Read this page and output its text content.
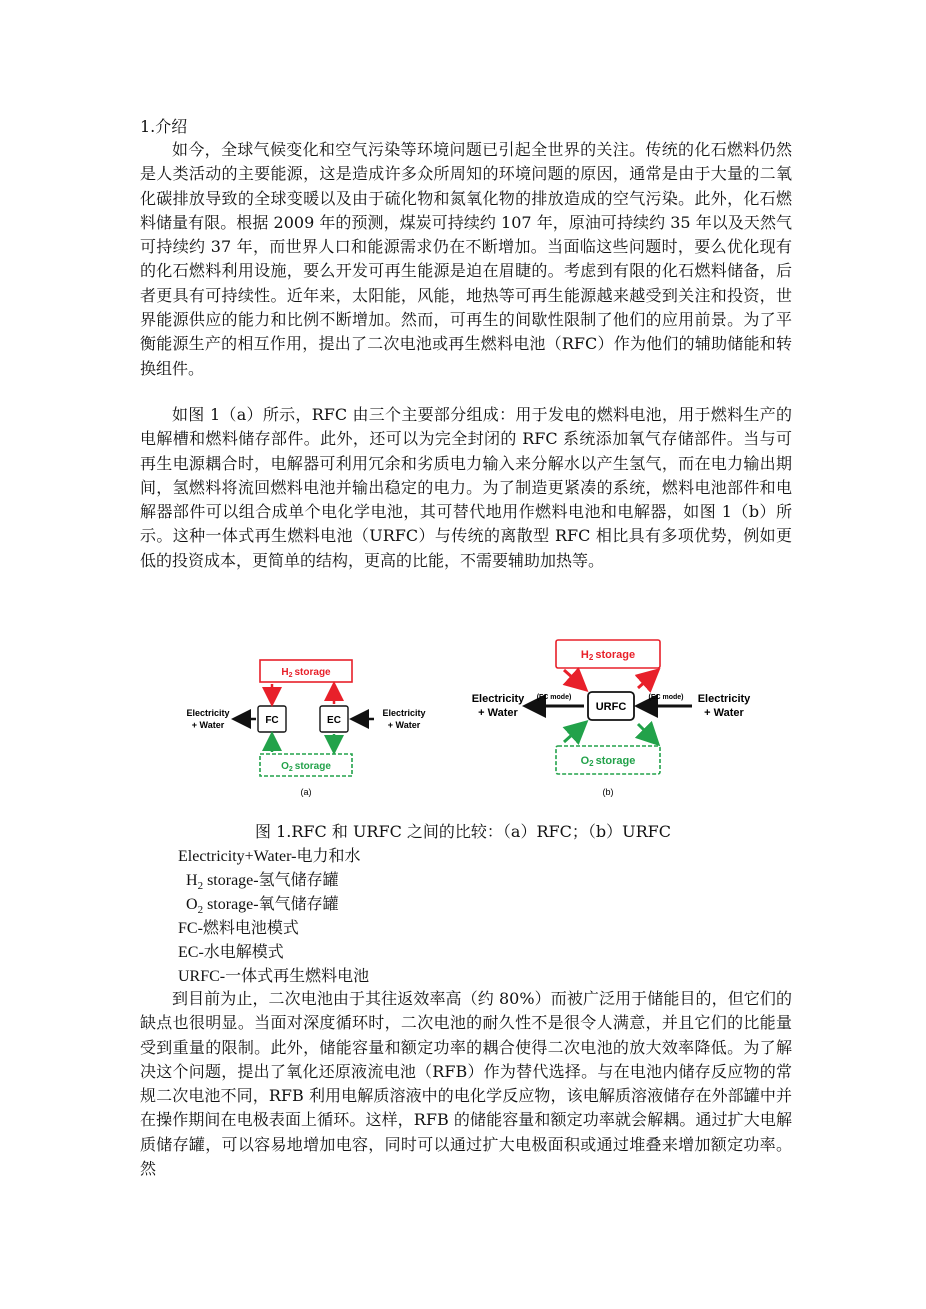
1.介绍

如今，全球气候变化和空气污染等环境问题已引起全世界的关注。传统的化石燃料仍然是人类活动的主要能源，这是造成许多众所周知的环境问题的原因，通常是由于大量的二氧化碳排放导致的全球变暖以及由于硫化物和氮氧化物的排放造成的空气污染。此外，化石燃料储量有限。根据 2009 年的预测，煤炭可持续约 107 年，原油可持续约 35 年以及天然气可持续约 37 年，而世界人口和能源需求仍在不断增加。当面临这些问题时，要么优化现有的化石燃料利用设施，要么开发可再生能源是迫在眉睫的。考虑到有限的化石燃料储备，后者更具有可持续性。近年来，太阳能，风能，地热等可再生能源越来越受到关注和投资，世界能源供应的能力和比例不断增加。然而，可再生的间歇性限制了他们的应用前景。为了平衡能源生产的相互作用，提出了二次电池或再生燃料电池（RFC）作为他们的辅助储能和转换组件。

如图 1（a）所示，RFC 由三个主要部分组成：用于发电的燃料电池，用于燃料生产的电解槽和燃料储存部件。此外，还可以为完全封闭的 RFC 系统添加氧气存储部件。当与可再生电源耦合时，电解器可利用冗余和劣质电力输入来分解水以产生氢气，而在电力输出期间，氢燃料将流回燃料电池并输出稳定的电力。为了制造更紧凑的系统，燃料电池部件和电解器部件可以组合成单个电化学电池，其可替代地用作燃料电池和电解器，如图 1（b）所示。这种一体式再生燃料电池（URFC）与传统的离散型 RFC 相比具有多项优势，例如更低的投资成本，更简单的结构，更高的比能，不需要辅助加热等。

$H_2$ storage
FC	EC
$O_2$ storage
Electricity
+ Water
Electricity
+ Water
(a)
H2 storage
URFC
O2 storage
(FC mode)	(EC mode)
Electricity
+ Water
Electricity
+ Water
(b)
图 1.RFC 和 URFC 之间的比较：（a）RFC；（b）URFC
Electricity+Water-电力和水
$H_2$ storage-氢气储存罐
$O_2$ storage-氧气储存罐
FC-燃料电池模式
EC-水电解模式
URFC-一体式再生燃料电池

到目前为止，二次电池由于其往返效率高（约 80%）而被广泛用于储能目的，但它们的缺点也很明显。当面对深度循环时，二次电池的耐久性不是很令人满意，并且它们的比能量受到重量的限制。此外，储能容量和额定功率的耦合使得二次电池的放大效率降低。为了解决这个问题，提出了氧化还原液流电池（RFB）作为替代选择。与在电池内储存反应物的常规二次电池不同，RFB 利用电解质溶液中的电化学反应物，该电解质溶液储存在外部罐中并在操作期间在电极表面上循环。这样，RFB 的储能容量和额定功率就会解耦。通过扩大电解质储存罐，可以容易地增加电容，同时可以通过扩大电极面积或通过堆叠来增加额定功率。然
